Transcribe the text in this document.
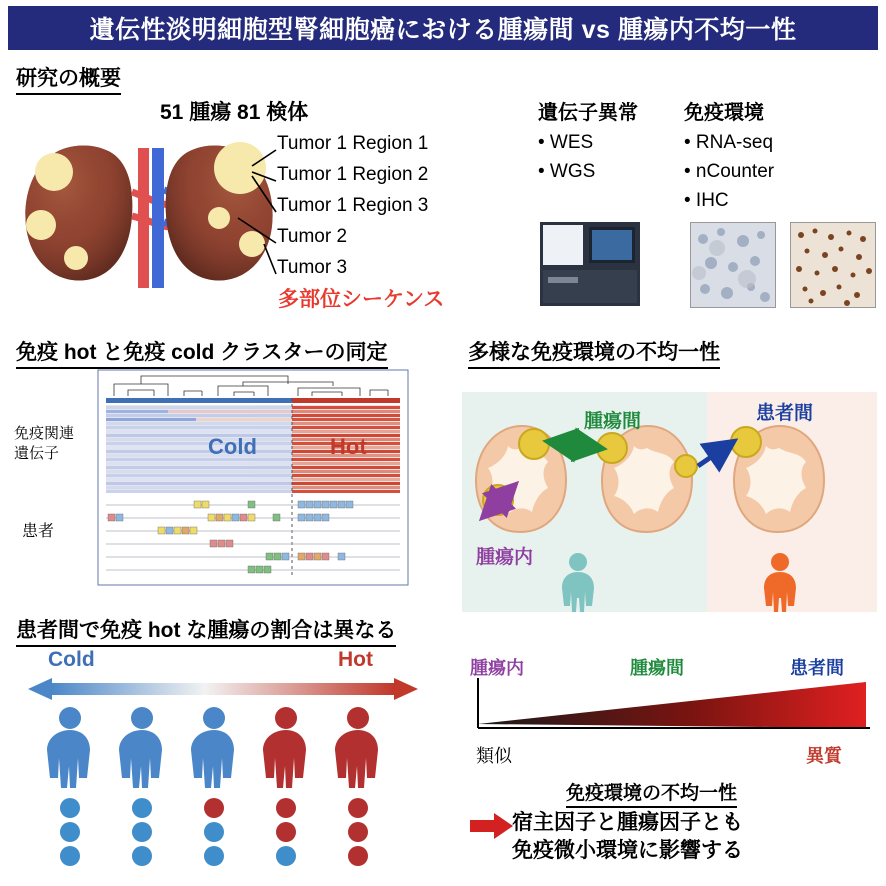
遺伝性淡明細胞型腎細胞癌における腫瘍間 vs 腫瘍内不均一性
研究の概要
51 腫瘍 81 検体
Tumor 1 Region 1
Tumor 1 Region 2
Tumor 1 Region 3
Tumor 2
Tumor 3
多部位シーケンス
遺伝子異常
• WES
• WGS
免疫環境
• RNA-seq
• nCounter
• IHC
免疫 hot と免疫 cold クラスターの同定
免疫関連
遺伝子
患者
Cold	Hot
多様な免疫環境の不均一性
腫瘍間	患者間
腫瘍内
患者間で免疫 hot な腫瘍の割合は異なる
Cold	Hot	腫瘍内	腫瘍間	患者間
類似	異質
免疫環境の不均一性
宿主因子と腫瘍因子とも
免疫微小環境に影響する
